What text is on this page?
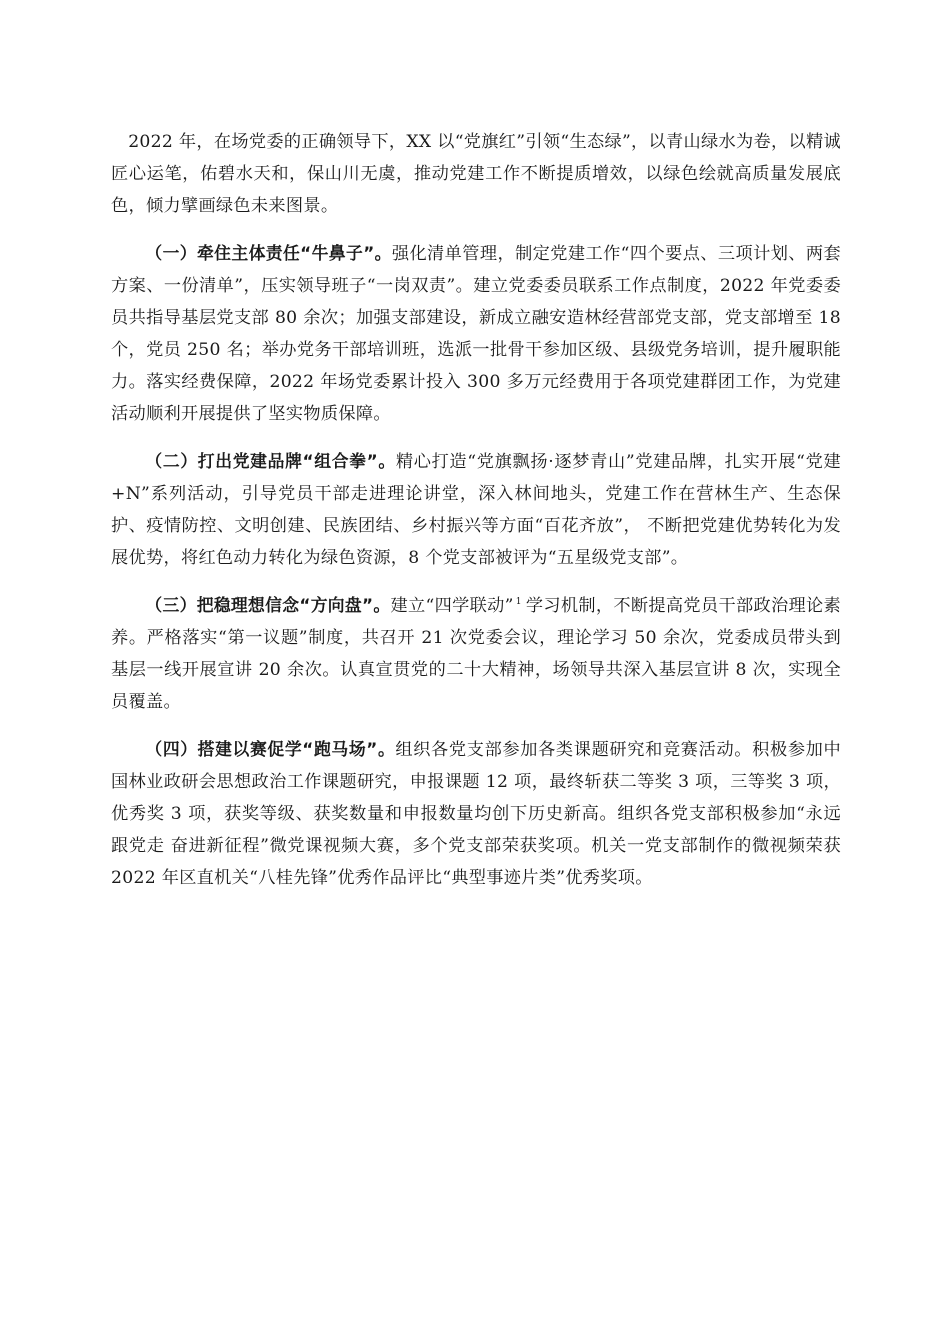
2022 年，在场党委的正确领导下，XX 以“党旗红”引领“生态绿”，以青山绿水为卷，以精诚匠心运笔，佑碧水天和，保山川无虞，推动党建工作不断提质增效，以绿色绘就高质量发展底色，倾力擘画绿色未来图景。

（一）牵住主体责任“牛鼻子”。强化清单管理，制定党建工作“四个要点、三项计划、两套方案、一份清单”，压实领导班子“一岗双责”。建立党委委员联系工作点制度，2022 年党委委员共指导基层党支部 80 余次；加强支部建设，新成立融安造林经营部党支部，党支部增至 18 个，党员 250 名；举办党务干部培训班，选派一批骨干参加区级、县级党务培训，提升履职能力。落实经费保障，2022 年场党委累计投入 300 多万元经费用于各项党建群团工作，为党建活动顺利开展提供了坚实物质保障。

（二）打出党建品牌“组合拳”。精心打造“党旗飘扬·逐梦青山”党建品牌，扎实开展“党建+N”系列活动，引导党员干部走进理论讲堂，深入林间地头，党建工作在营林生产、生态保护、疫情防控、文明创建、民族团结、乡村振兴等方面“百花齐放”， 不断把党建优势转化为发展优势，将红色动力转化为绿色资源，8 个党支部被评为“五星级党支部”。

（三）把稳理想信念“方向盘”。建立“四学联动” $^1$ 学习机制，不断提高党员干部政治理论素养。严格落实“第一议题”制度，共召开 21 次党委会议，理论学习 50 余次，党委成员带头到基层一线开展宣讲 20 余次。认真宣贯党的二十大精神，场领导共深入基层宣讲 8 次，实现全员覆盖。

（四）搭建以赛促学“跑马场”。组织各党支部参加各类课题研究和竞赛活动。积极参加中国林业政研会思想政治工作课题研究，申报课题 12 项，最终斩获二等奖 3 项，三等奖 3 项，优秀奖 3 项，获奖等级、获奖数量和申报数量均创下历史新高。组织各党支部积极参加“永远跟党走 奋进新征程”微党课视频大赛，多个党支部荣获奖项。机关一党支部制作的微视频荣获 2022 年区直机关“八桂先锋”优秀作品评比“典型事迹片类”优秀奖项。
